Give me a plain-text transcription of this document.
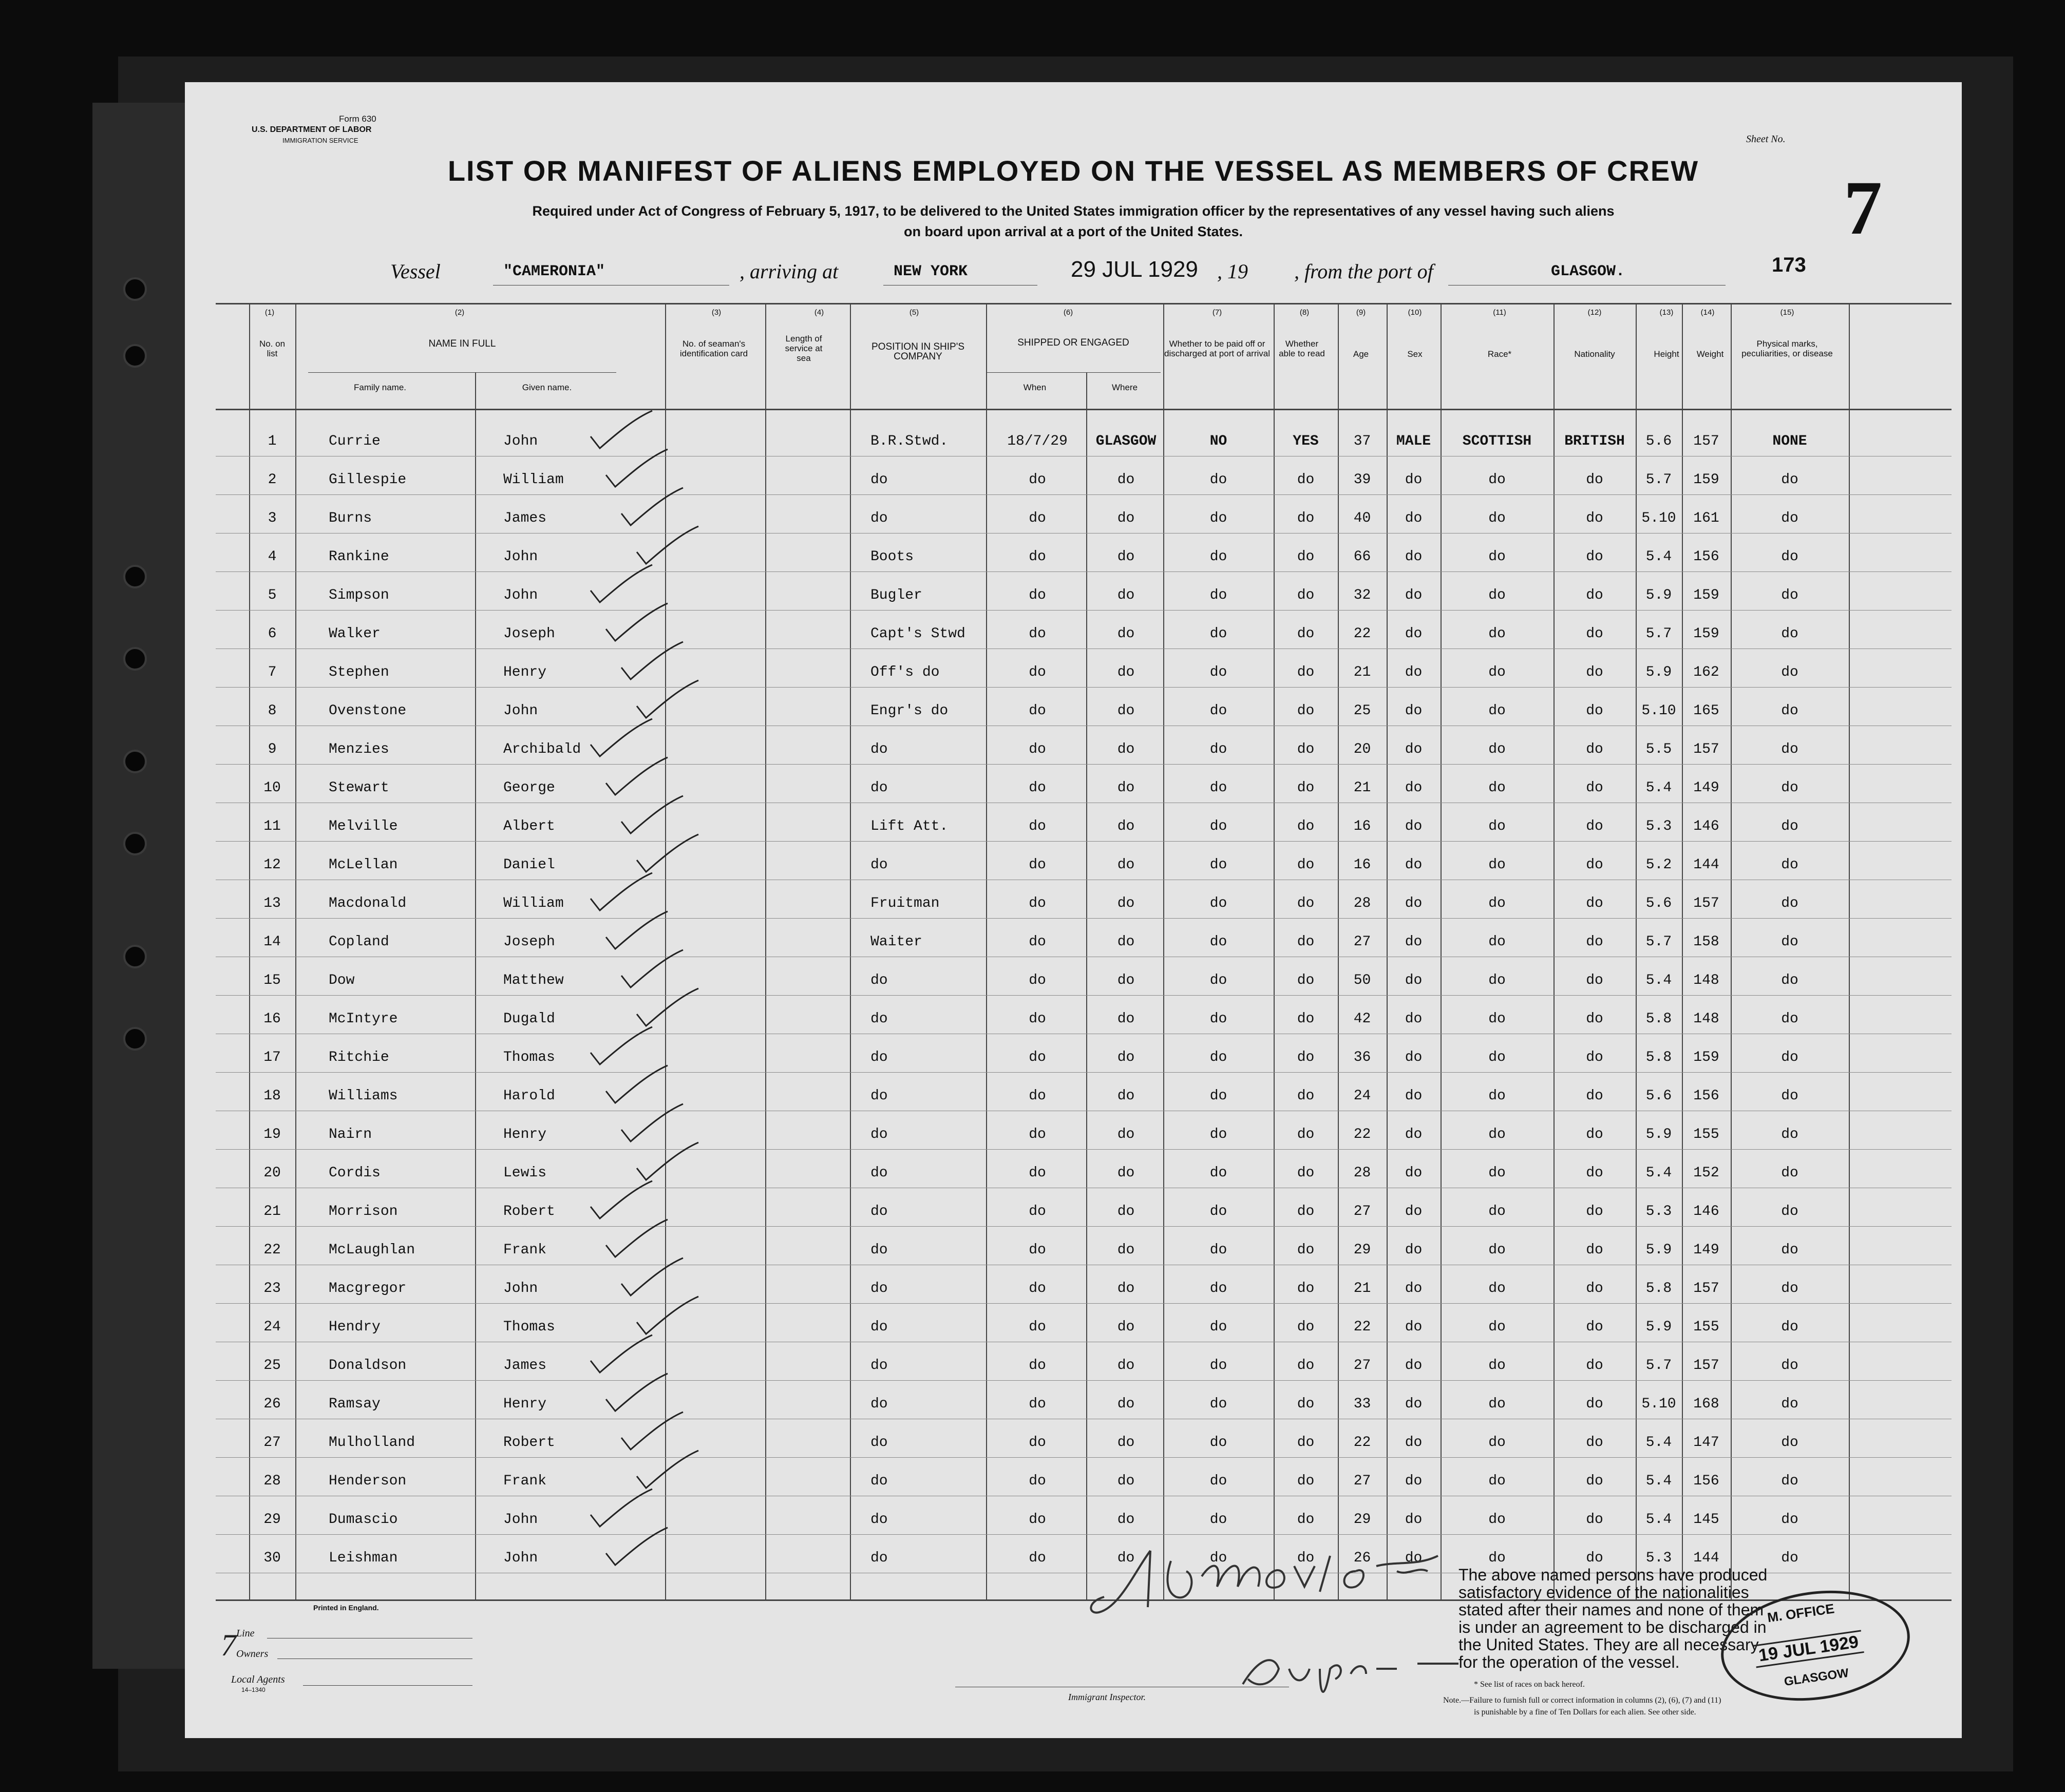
Form 630
U.S. DEPARTMENT OF LABOR
IMMIGRATION SERVICE	Sheet No.
7
LIST OR MANIFEST OF ALIENS EMPLOYED ON THE VESSEL AS MEMBERS OF CREW
Required under Act of Congress of February 5, 1917, to be delivered to the United States immigration officer by the representatives of any vessel having such aliens
on board upon arrival at a port of the United States.
Vessel	"CAMERONIA"	, arriving at	NEW YORK	29 JUL 1929 , 19 , from the port of	GLASGOW.	173
(1)	(2)	(3)	(4)	(5)	(6)	(7)	(8)	(9)	(10)	(11)	(12)	(13)	(14)	(15)
No. on list
NAME IN FULL
Family name.	Given name.
No. of seaman's identification card
Length of service at sea
POSITION IN SHIP'S COMPANY
SHIPPED OR ENGAGED
When	Where
Whether to be paid off or discharged at port of arrival
Whether able to read	Age	Sex	Race*	Nationality	Height	Weight
Physical marks, peculiarities, or disease
1	Currie	John	B.R.Stwd.	18/7/29	GLASGOW	NO	YES	37	MALE	SCOTTISH	BRITISH	5.6	157	NONE
2	Gillespie	William	do	do	do	do	do	39	do	do	do	5.7	159	do
3	Burns	James	do	do	do	do	do	40	do	do	do	5.10	161	do
4	Rankine	John	Boots	do	do	do	do	66	do	do	do	5.4	156	do
5	Simpson	John	Bugler	do	do	do	do	32	do	do	do	5.9	159	do
6	Walker	Joseph	Capt's Stwd	do	do	do	do	22	do	do	do	5.7	159	do
7	Stephen	Henry	Off's do	do	do	do	do	21	do	do	do	5.9	162	do
8	Ovenstone	John	Engr's do	do	do	do	do	25	do	do	do	5.10	165	do
9	Menzies	Archibald	do	do	do	do	do	20	do	do	do	5.5	157	do
10	Stewart	George	do	do	do	do	do	21	do	do	do	5.4	149	do
11	Melville	Albert	Lift Att.	do	do	do	do	16	do	do	do	5.3	146	do
12	McLellan	Daniel	do	do	do	do	do	16	do	do	do	5.2	144	do
13	Macdonald	William	Fruitman	do	do	do	do	28	do	do	do	5.6	157	do
14	Copland	Joseph	Waiter	do	do	do	do	27	do	do	do	5.7	158	do
15	Dow	Matthew	do	do	do	do	do	50	do	do	do	5.4	148	do
16	McIntyre	Dugald	do	do	do	do	do	42	do	do	do	5.8	148	do
17	Ritchie	Thomas	do	do	do	do	do	36	do	do	do	5.8	159	do
18	Williams	Harold	do	do	do	do	do	24	do	do	do	5.6	156	do
19	Nairn	Henry	do	do	do	do	do	22	do	do	do	5.9	155	do
20	Cordis	Lewis	do	do	do	do	do	28	do	do	do	5.4	152	do
21	Morrison	Robert	do	do	do	do	do	27	do	do	do	5.3	146	do
22	McLaughlan	Frank	do	do	do	do	do	29	do	do	do	5.9	149	do
23	Macgregor	John	do	do	do	do	do	21	do	do	do	5.8	157	do
24	Hendry	Thomas	do	do	do	do	do	22	do	do	do	5.9	155	do
25	Donaldson	James	do	do	do	do	do	27	do	do	do	5.7	157	do
26	Ramsay	Henry	do	do	do	do	do	33	do	do	do	5.10	168	do
27	Mulholland	Robert	do	do	do	do	do	22	do	do	do	5.4	147	do
28	Henderson	Frank	do	do	do	do	do	27	do	do	do	5.4	156	do
29	Dumascio	John	do	do	do	do	do	29	do	do	do	5.4	145	do
30	Leishman	John	do	do	do	do	do	26	do	do	do	5.3	144	do
Printed in England.
Line
Owners
Local Agents
14–1340
7
Immigrant Inspector.
The above named persons have produced
satisfactory evidence of the nationalities
stated after their names and none of them
is under an agreement to be discharged in
the United States. They are all necessary
for the operation of the vessel.
* See list of races on back hereof.
Note.—Failure to furnish full or correct information in columns (2), (6), (7) and (11)
is punishable by a fine of Ten Dollars for each alien. See other side.
M. OFFICE
19 JUL 1929
GLASGOW
